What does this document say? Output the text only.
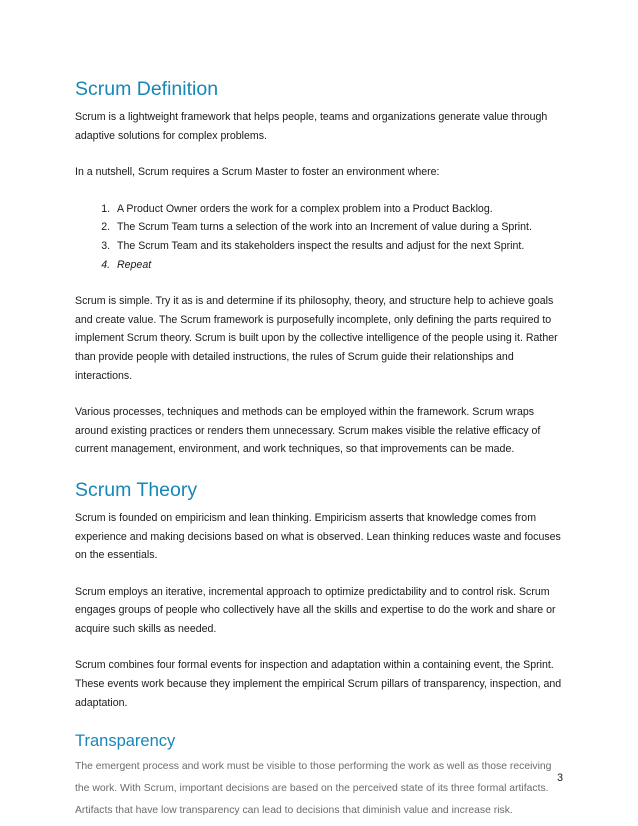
Scrum Definition

Scrum is a lightweight framework that helps people, teams and organizations generate value through adaptive solutions for complex problems.

In a nutshell, Scrum requires a Scrum Master to foster an environment where:

1. A Product Owner orders the work for a complex problem into a Product Backlog.
2. The Scrum Team turns a selection of the work into an Increment of value during a Sprint.
3. The Scrum Team and its stakeholders inspect the results and adjust for the next Sprint.
4. Repeat

Scrum is simple. Try it as is and determine if its philosophy, theory, and structure help to achieve goals and create value. The Scrum framework is purposefully incomplete, only defining the parts required to implement Scrum theory. Scrum is built upon by the collective intelligence of the people using it. Rather than provide people with detailed instructions, the rules of Scrum guide their relationships and interactions.

Various processes, techniques and methods can be employed within the framework. Scrum wraps around existing practices or renders them unnecessary. Scrum makes visible the relative efficacy of current management, environment, and work techniques, so that improvements can be made.

Scrum Theory

Scrum is founded on empiricism and lean thinking. Empiricism asserts that knowledge comes from experience and making decisions based on what is observed. Lean thinking reduces waste and focuses on the essentials.

Scrum employs an iterative, incremental approach to optimize predictability and to control risk. Scrum engages groups of people who collectively have all the skills and expertise to do the work and share or acquire such skills as needed.

Scrum combines four formal events for inspection and adaptation within a containing event, the Sprint. These events work because they implement the empirical Scrum pillars of transparency, inspection, and adaptation.

Transparency

The emergent process and work must be visible to those performing the work as well as those receiving the work. With Scrum, important decisions are based on the perceived state of its three formal artifacts. Artifacts that have low transparency can lead to decisions that diminish value and increase risk.

3
